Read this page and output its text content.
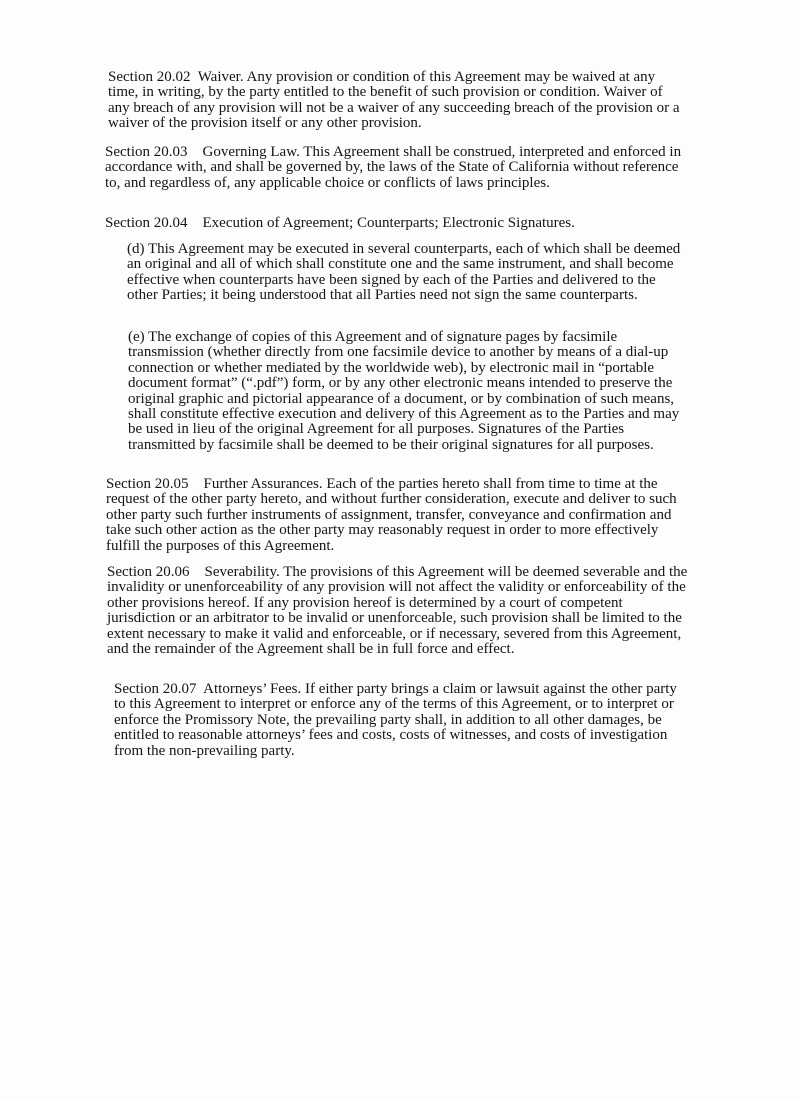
Section 20.02  Waiver. Any provision or condition of this Agreement may be waived at any time, in writing, by the party entitled to the benefit of such provision or condition. Waiver of any breach of any provision will not be a waiver of any succeeding breach of the provision or a waiver of the provision itself or any other provision.

Section 20.03    Governing Law. This Agreement shall be construed, interpreted and enforced in accordance with, and shall be governed by, the laws of the State of California without reference to, and regardless of, any applicable choice or conflicts of laws principles.

Section 20.04    Execution of Agreement; Counterparts; Electronic Signatures.

(d) This Agreement may be executed in several counterparts, each of which shall be deemed an original and all of which shall constitute one and the same instrument, and shall become effective when counterparts have been signed by each of the Parties and delivered to the other Parties; it being understood that all Parties need not sign the same counterparts.

(e) The exchange of copies of this Agreement and of signature pages by facsimile transmission (whether directly from one facsimile device to another by means of a dial-up connection or whether mediated by the worldwide web), by electronic mail in “portable document format” (“.pdf”) form, or by any other electronic means intended to preserve the original graphic and pictorial appearance of a document, or by combination of such means, shall constitute effective execution and delivery of this Agreement as to the Parties and may be used in lieu of the original Agreement for all purposes. Signatures of the Parties transmitted by facsimile shall be deemed to be their original signatures for all purposes.

Section 20.05    Further Assurances. Each of the parties hereto shall from time to time at the request of the other party hereto, and without further consideration, execute and deliver to such other party such further instruments of assignment, transfer, conveyance and confirmation and take such other action as the other party may reasonably request in order to more effectively fulfill the purposes of this Agreement.

Section 20.06    Severability. The provisions of this Agreement will be deemed severable and the invalidity or unenforceability of any provision will not affect the validity or enforceability of the other provisions hereof. If any provision hereof is determined by a court of competent jurisdiction or an arbitrator to be invalid or unenforceable, such provision shall be limited to the extent necessary to make it valid and enforceable, or if necessary, severed from this Agreement, and the remainder of the Agreement shall be in full force and effect.

Section 20.07  Attorneys’ Fees. If either party brings a claim or lawsuit against the other party to this Agreement to interpret or enforce any of the terms of this Agreement, or to interpret or enforce the Promissory Note, the prevailing party shall, in addition to all other damages, be entitled to reasonable attorneys’ fees and costs, costs of witnesses, and costs of investigation from the non-prevailing party.
